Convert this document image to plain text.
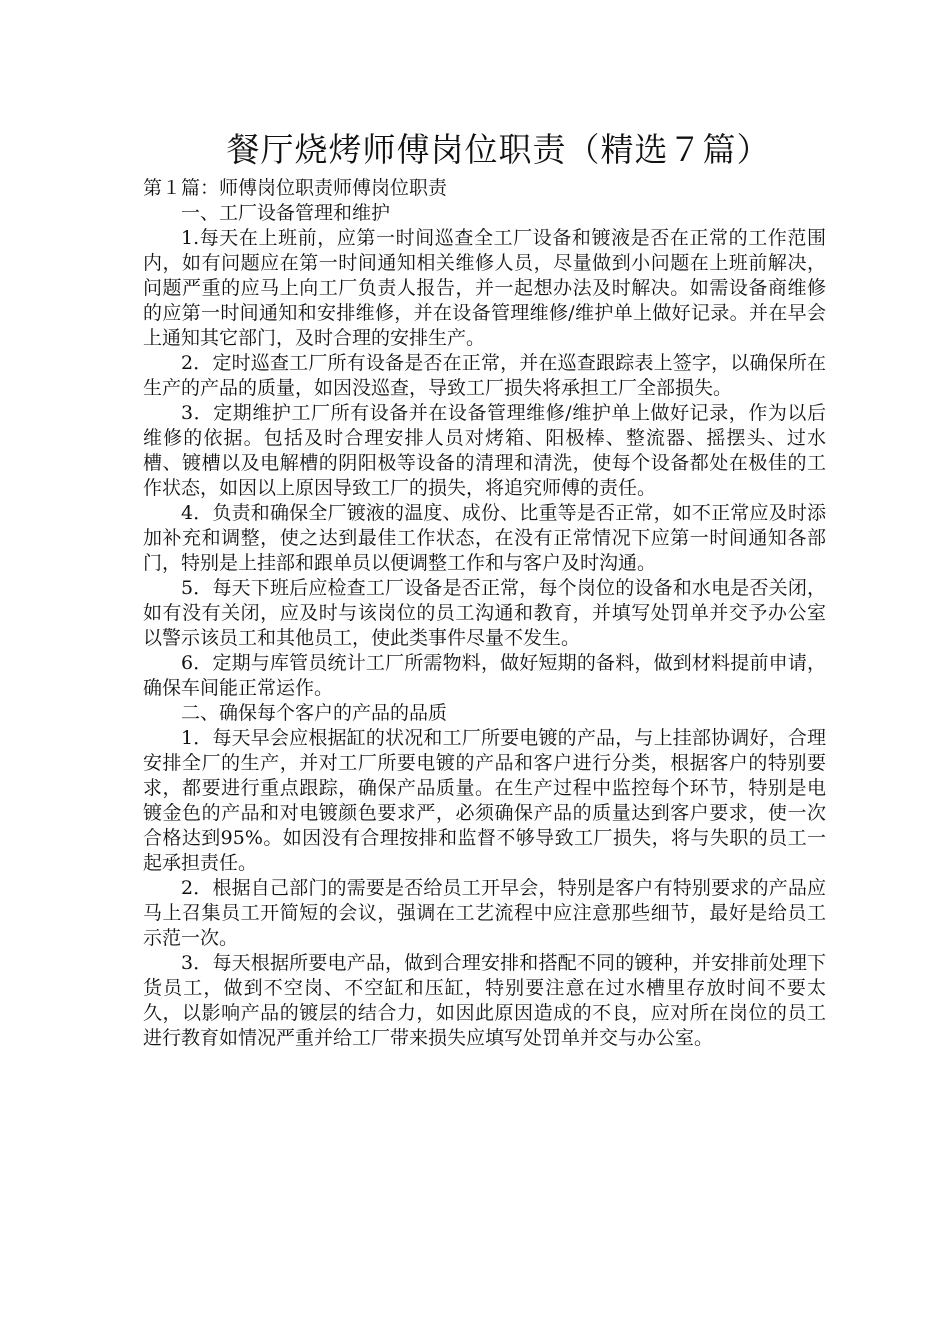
餐厅烧烤师傅岗位职责（精选７篇）

第１篇：师傅岗位职责师傅岗位职责

一、工厂设备管理和维护

1.每天在上班前，应第一时间巡查全工厂设备和镀液是否在正常的工作范围内，如有问题应在第一时间通知相关维修人员，尽量做到小问题在上班前解决，问题严重的应马上向工厂负责人报告，并一起想办法及时解决。如需设备商维修的应第一时间通知和安排维修，并在设备管理维修/维护单上做好记录。并在早会上通知其它部门，及时合理的安排生产。

2．定时巡查工厂所有设备是否在正常，并在巡查跟踪表上签字，以确保所在生产的产品的质量，如因没巡查，导致工厂损失将承担工厂全部损失。

3．定期维护工厂所有设备并在设备管理维修/维护单上做好记录，作为以后维修的依据。包括及时合理安排人员对烤箱、阳极棒、整流器、摇摆头、过水槽、镀槽以及电解槽的阴阳极等设备的清理和清洗，使每个设备都处在极佳的工作状态，如因以上原因导致工厂的损失，将追究师傅的责任。

4．负责和确保全厂镀液的温度、成份、比重等是否正常，如不正常应及时添加补充和调整，使之达到最佳工作状态，在没有正常情况下应第一时间通知各部门，特别是上挂部和跟单员以便调整工作和与客户及时沟通。

5．每天下班后应检查工厂设备是否正常，每个岗位的设备和水电是否关闭，如有没有关闭，应及时与该岗位的员工沟通和教育，并填写处罚单并交予办公室以警示该员工和其他员工，使此类事件尽量不发生。

6．定期与库管员统计工厂所需物料，做好短期的备料，做到材料提前申请，确保车间能正常运作。

二、确保每个客户的产品的品质

1．每天早会应根据缸的状况和工厂所要电镀的产品，与上挂部协调好，合理安排全厂的生产，并对工厂所要电镀的产品和客户进行分类，根据客户的特别要求，都要进行重点跟踪，确保产品质量。在生产过程中监控每个环节，特别是电镀金色的产品和对电镀颜色要求严，必须确保产品的质量达到客户要求，使一次合格达到95%。如因没有合理按排和监督不够导致工厂损失，将与失职的员工一起承担责任。

2．根据自己部门的需要是否给员工开早会，特别是客户有特别要求的产品应马上召集员工开简短的会议，强调在工艺流程中应注意那些细节，最好是给员工示范一次。

3．每天根据所要电产品，做到合理安排和搭配不同的镀种，并安排前处理下货员工，做到不空岗、不空缸和压缸，特别要注意在过水槽里存放时间不要太久，以影响产品的镀层的结合力，如因此原因造成的不良，应对所在岗位的员工进行教育如情况严重并给工厂带来损失应填写处罚单并交与办公室。
